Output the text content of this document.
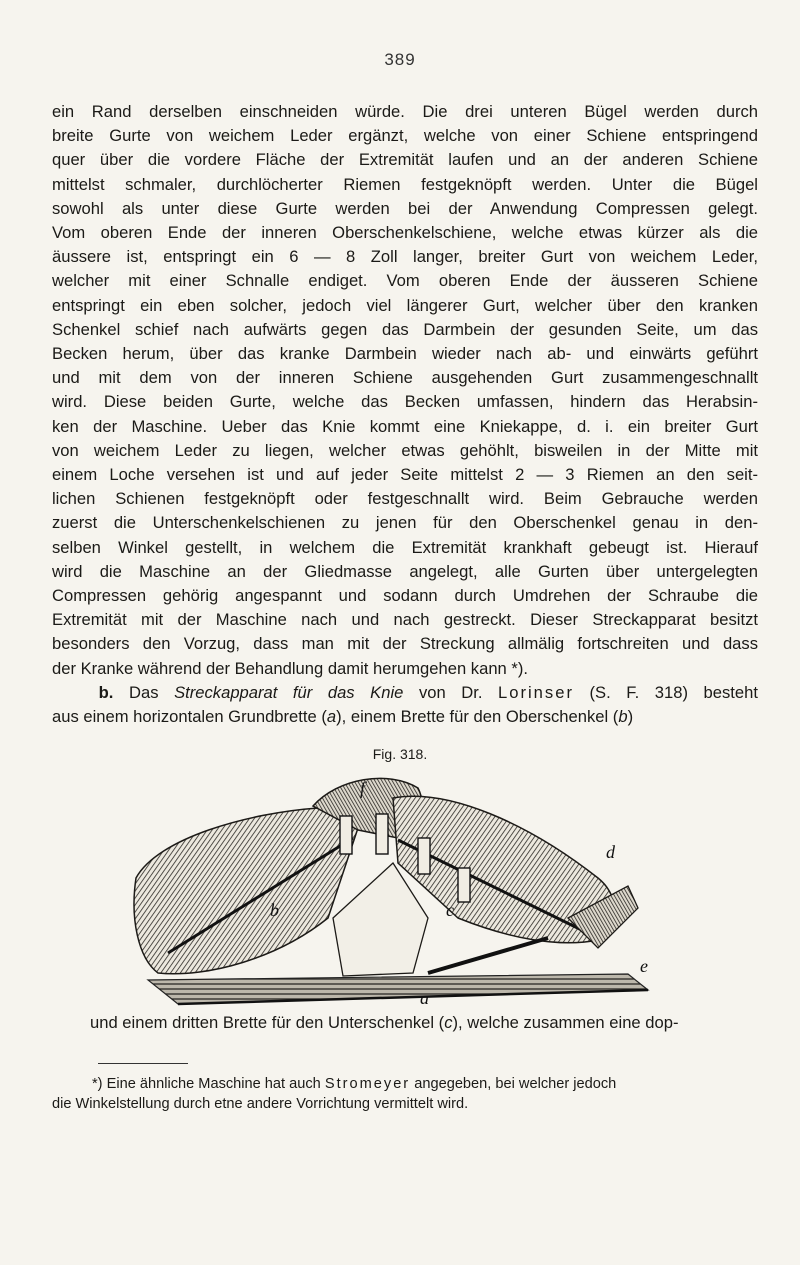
389
ein Rand derselben einschneiden würde. Die drei unteren Bügel werden durch
breite Gurte von weichem Leder ergänzt, welche von einer Schiene entspringend
quer über die vordere Fläche der Extremität laufen und an der anderen Schiene
mittelst schmaler, durchlöcherter Riemen festgeknöpft werden. Unter die Bügel
sowohl als unter diese Gurte werden bei der Anwendung Compressen gelegt.
Vom oberen Ende der inneren Oberschenkelschiene, welche etwas kürzer als die
äussere ist, entspringt ein 6 — 8 Zoll langer, breiter Gurt von weichem Leder,
welcher mit einer Schnalle endiget. Vom oberen Ende der äusseren Schiene
entspringt ein eben solcher, jedoch viel längerer Gurt, welcher über den kranken
Schenkel schief nach aufwärts gegen das Darmbein der gesunden Seite, um das
Becken herum, über das kranke Darmbein wieder nach ab- und einwärts geführt
und mit dem von der inneren Schiene ausgehenden Gurt zusammengeschnallt
wird. Diese beiden Gurte, welche das Becken umfassen, hindern das Herabsin-
ken der Maschine. Ueber das Knie kommt eine Kniekappe, d. i. ein breiter Gurt
von weichem Leder zu liegen, welcher etwas gehöhlt, bisweilen in der Mitte mit
einem Loche versehen ist und auf jeder Seite mittelst 2 — 3 Riemen an den seit-
lichen Schienen festgeknöpft oder festgeschnallt wird. Beim Gebrauche werden
zuerst die Unterschenkelschienen zu jenen für den Oberschenkel genau in den-
selben Winkel gestellt, in welchem die Extremität krankhaft gebeugt ist. Hierauf
wird die Maschine an der Gliedmasse angelegt, alle Gurten über untergelegten
Compressen gehörig angespannt und sodann durch Umdrehen der Schraube die
Extremität mit der Maschine nach und nach gestreckt. Dieser Streckapparat besitzt
besonders den Vorzug, dass man mit der Streckung allmälig fortschreiten und dass
der Kranke während der Behandlung damit herumgehen kann *).
b. Das Streckapparat für das Knie von Dr. Lorinser (S. F. 318) besteht
aus einem horizontalen Grundbrette (a), einem Brette für den Oberschenkel (b)
Fig. 318.
f
b	c
d
e
a
und einem dritten Brette für den Unterschenkel (c), welche zusammen eine dop-
*) Eine ähnliche Maschine hat auch Stromeyer angegeben, bei welcher jedoch
die Winkelstellung durch etne andere Vorrichtung vermittelt wird.
